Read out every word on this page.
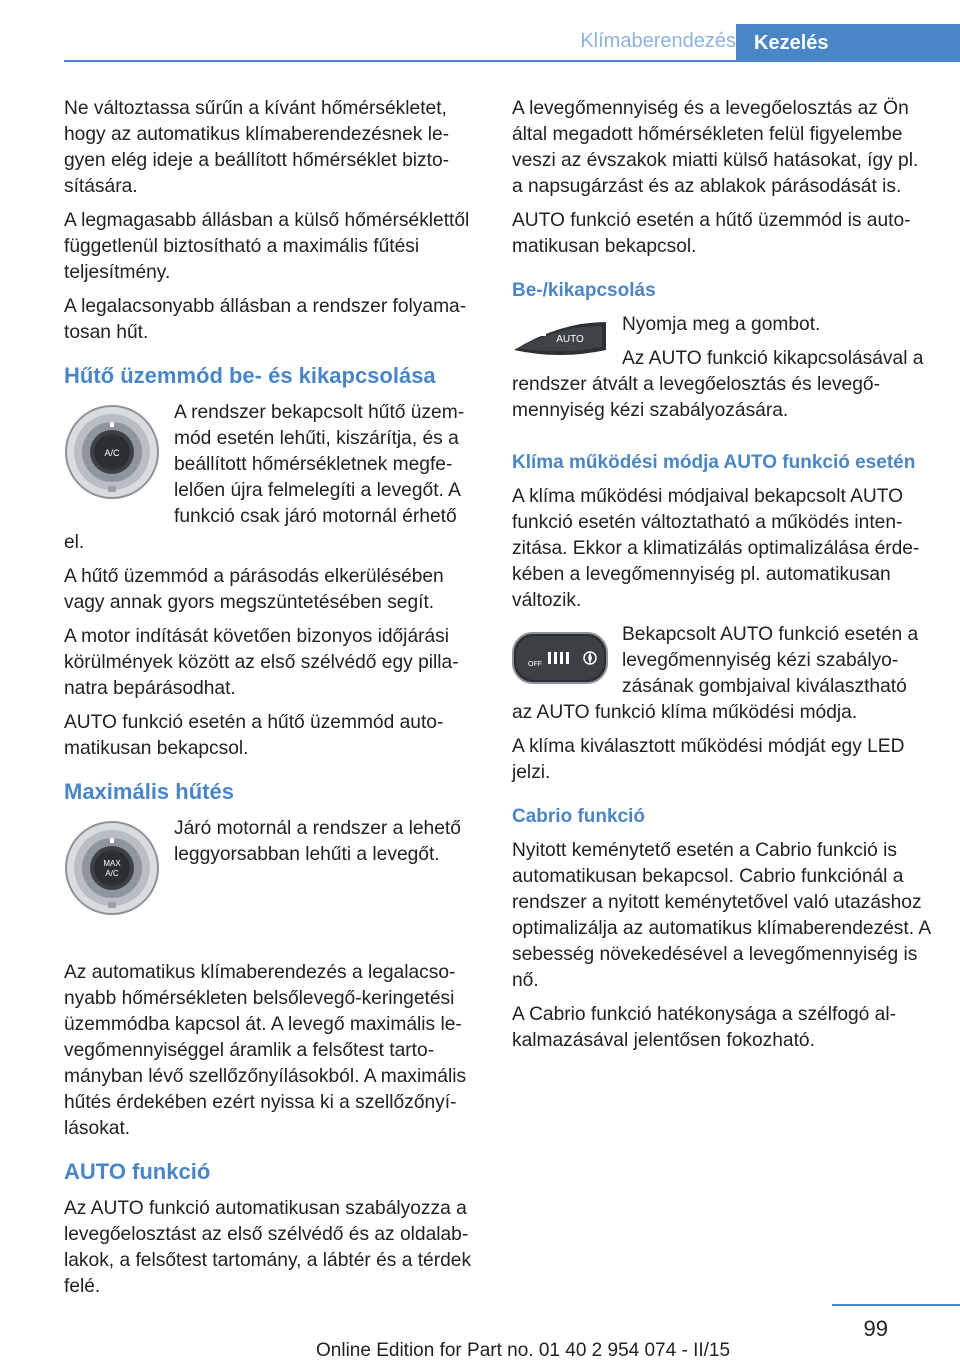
Klímaberendezés Kezelés

Ne változtassa sűrűn a kívánt hőmérsékletet, hogy az automatikus klímaberendezésnek legyen elég ideje a beállított hőmérséklet biztosítására.

A legmagasabb állásban a külső hőmérséklettől függetlenül biztosítható a maximális fűtési teljesítmény.

A legalacsonyabb állásban a rendszer folyamatosan hűt.

Hűtő üzemmód be- és kikapcsolása
A/C

A rendszer bekapcsolt hűtő üzemmód esetén lehűti, kiszárítja, és a beállított hőmérsékletnek megfelelően újra felmelegíti a levegőt. A funkció csak járó motornál érhető el.

A hűtő üzemmód a párásodás elkerülésében vagy annak gyors megszüntetésében segít.

A motor indítását követően bizonyos időjárási körülmények között az első szélvédő egy pillanatra bepárásodhat.

AUTO funkció esetén a hűtő üzemmód automatikusan bekapcsol.

Maximális hűtés
MAX
A/C

Járó motornál a rendszer a lehető leggyorsabban lehűti a levegőt.

Az automatikus klímaberendezés a legalacsonyabb hőmérsékleten belsőlevegő-keringetési üzemmódba kapcsol át. A levegő maximális levegőmennyiséggel áramlik a felsőtest tartományban lévő szellőzőnyílásokból. A maximális hűtés érdekében ezért nyissa ki a szellőzőnyílásokat.

AUTO funkció

Az AUTO funkció automatikusan szabályozza a levegőelosztást az első szélvédő és az oldalablakok, a felsőtest tartomány, a lábtér és a térdek felé.

A levegőmennyiség és a levegőelosztás az Ön által megadott hőmérsékleten felül figyelembe veszi az évszakok miatti külső hatásokat, így pl. a napsugárzást és az ablakok párásodását is.

AUTO funkció esetén a hűtő üzemmód is automatikusan bekapcsol.

Be-/kikapcsolás
AUTO

Nyomja meg a gombot.

Az AUTO funkció kikapcsolásával a rendszer átvált a levegőelosztás és levegőmennyiség kézi szabályozására.

Klíma működési módja AUTO funkció esetén

A klíma működési módjaival bekapcsolt AUTO funkció esetén változtatható a működés intenzitása. Ekkor a klimatizálás optimalizálása érdekében a levegőmennyiség pl. automatikusan változik.

OFF

Bekapcsolt AUTO funkció esetén a levegőmennyiség kézi szabályozásának gombjaival kiválasztható az AUTO funkció klíma működési módja.

A klíma kiválasztott működési módját egy LED jelzi.

Cabrio funkció

Nyitott keménytető esetén a Cabrio funkció is automatikusan bekapcsol. Cabrio funkciónál a rendszer a nyitott keménytetővel való utazáshoz optimalizálja az automatikus klímaberendezést. A sebesség növekedésével a levegőmennyiség is nő.

A Cabrio funkció hatékonysága a szélfogó alkalmazásával jelentősen fokozható.

99
Online Edition for Part no. 01 40 2 954 074 - II/15
